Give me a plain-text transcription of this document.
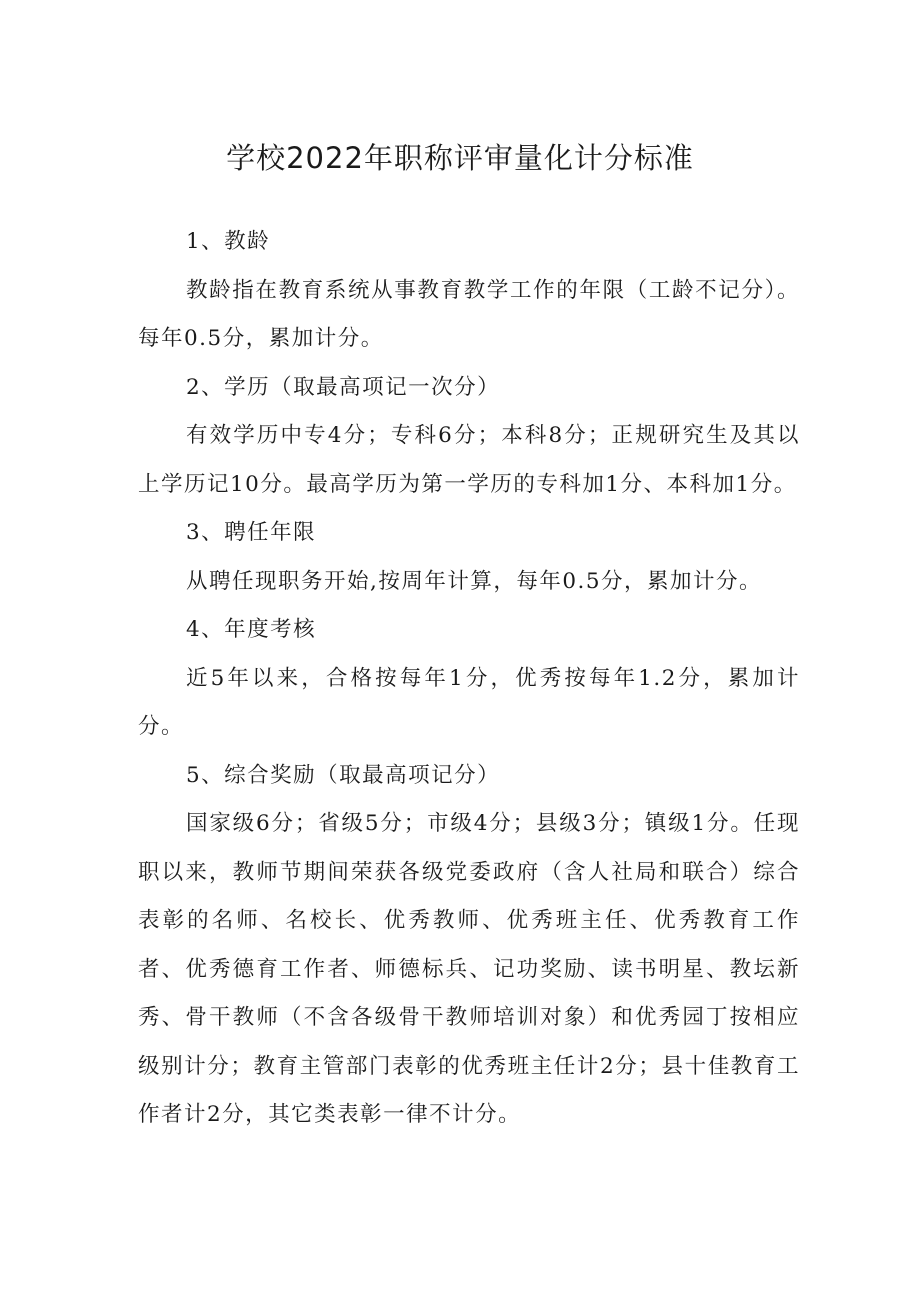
学校2022年职称评审量化计分标准

1、教龄

教龄指在教育系统从事教育教学工作的年限（工龄不记分）。每年0.5分，累加计分。

2、学历（取最高项记一次分）

有效学历中专4分；专科6分；本科8分；正规研究生及其以上学历记10分。最高学历为第一学历的专科加1分、本科加1分。

3、聘任年限

从聘任现职务开始,按周年计算，每年0.5分，累加计分。

4、年度考核

近5年以来，合格按每年1分，优秀按每年1.2分，累加计分。

5、综合奖励（取最高项记分）

国家级6分；省级5分；市级4分；县级3分；镇级1分。任现职以来，教师节期间荣获各级党委政府（含人社局和联合）综合表彰的名师、名校长、优秀教师、优秀班主任、优秀教育工作者、优秀德育工作者、师德标兵、记功奖励、读书明星、教坛新秀、骨干教师（不含各级骨干教师培训对象）和优秀园丁按相应级别计分；教育主管部门表彰的优秀班主任计2分；县十佳教育工作者计2分，其它类表彰一律不计分。
